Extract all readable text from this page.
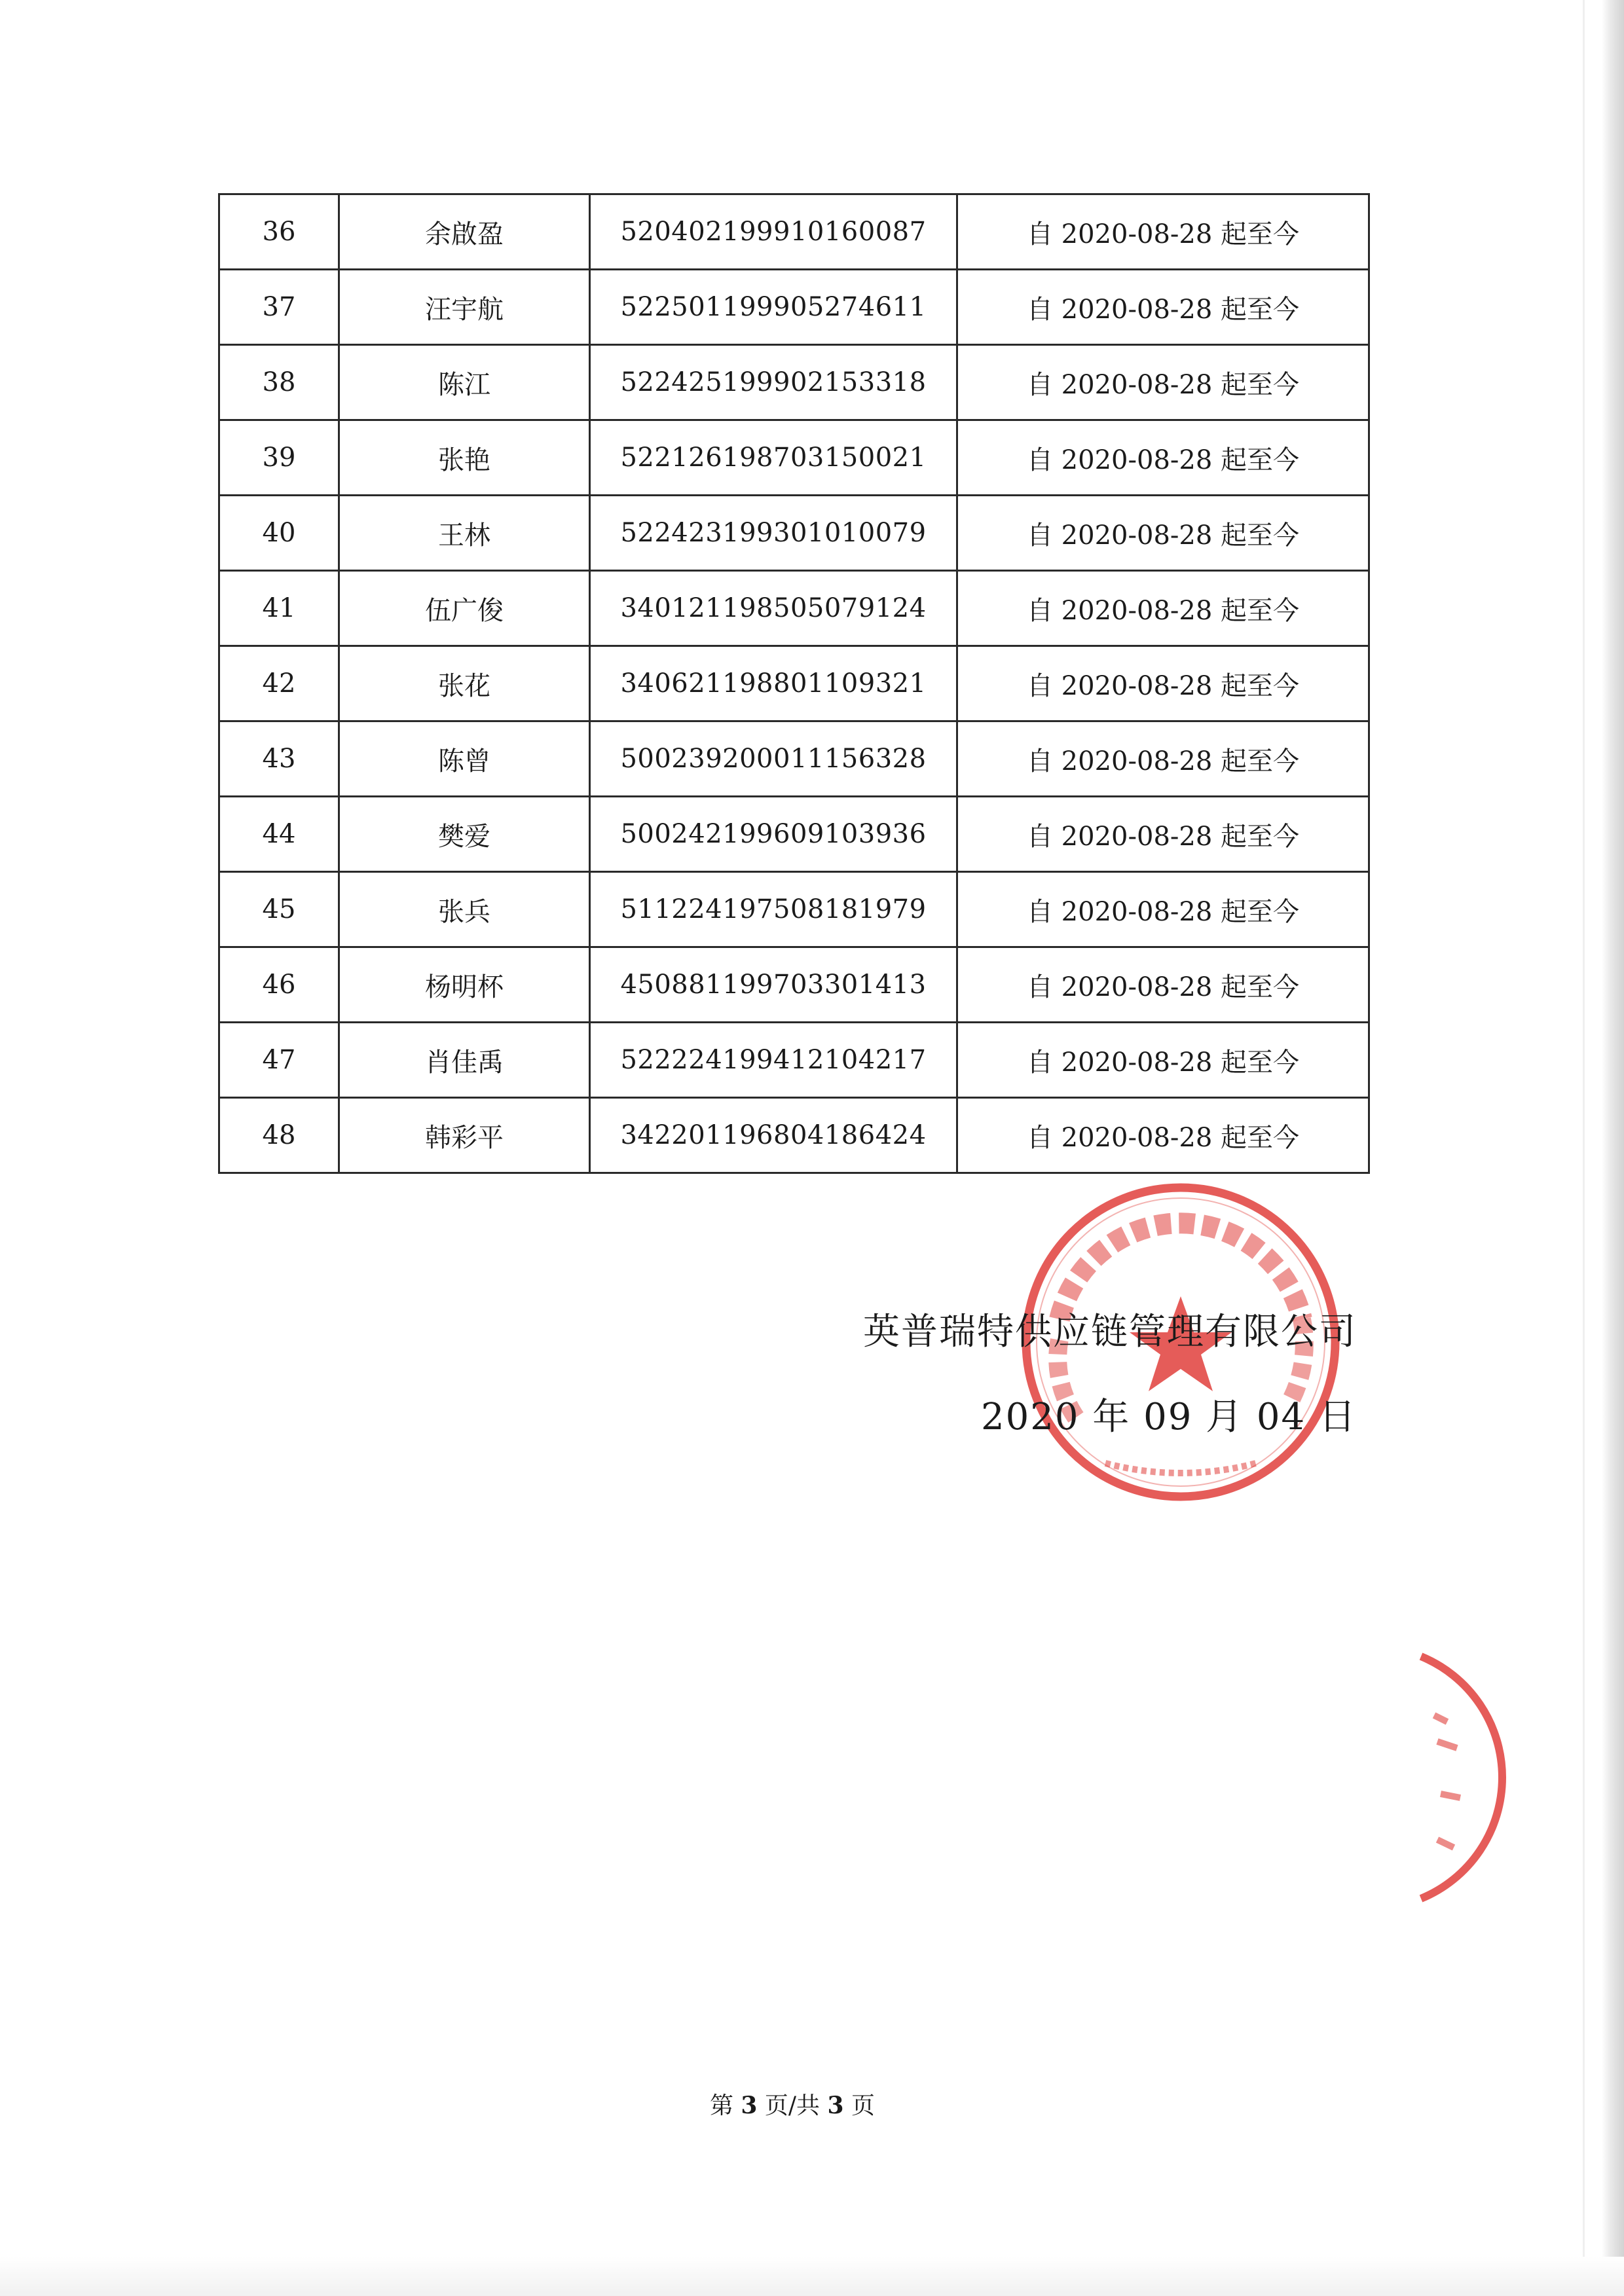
36	余啟盈	520402199910160087	自 2020-08-28 起至今
37	汪宇航	522501199905274611	自 2020-08-28 起至今
38	陈江	522425199902153318	自 2020-08-28 起至今
39	张艳	522126198703150021	自 2020-08-28 起至今
40	王林	522423199301010079	自 2020-08-28 起至今
41	伍广俊	340121198505079124	自 2020-08-28 起至今
42	张花	340621198801109321	自 2020-08-28 起至今
43	陈曾	500239200011156328	自 2020-08-28 起至今
44	樊爱	500242199609103936	自 2020-08-28 起至今
45	张兵	511224197508181979	自 2020-08-28 起至今
46	杨明杯	450881199703301413	自 2020-08-28 起至今
47	肖佳禹	522224199412104217	自 2020-08-28 起至今
48	韩彩平	342201196804186424	自 2020-08-28 起至今
英普瑞特供应链管理有限公司
2020 年 09 月 04 日
第 3 页/共 3 页
